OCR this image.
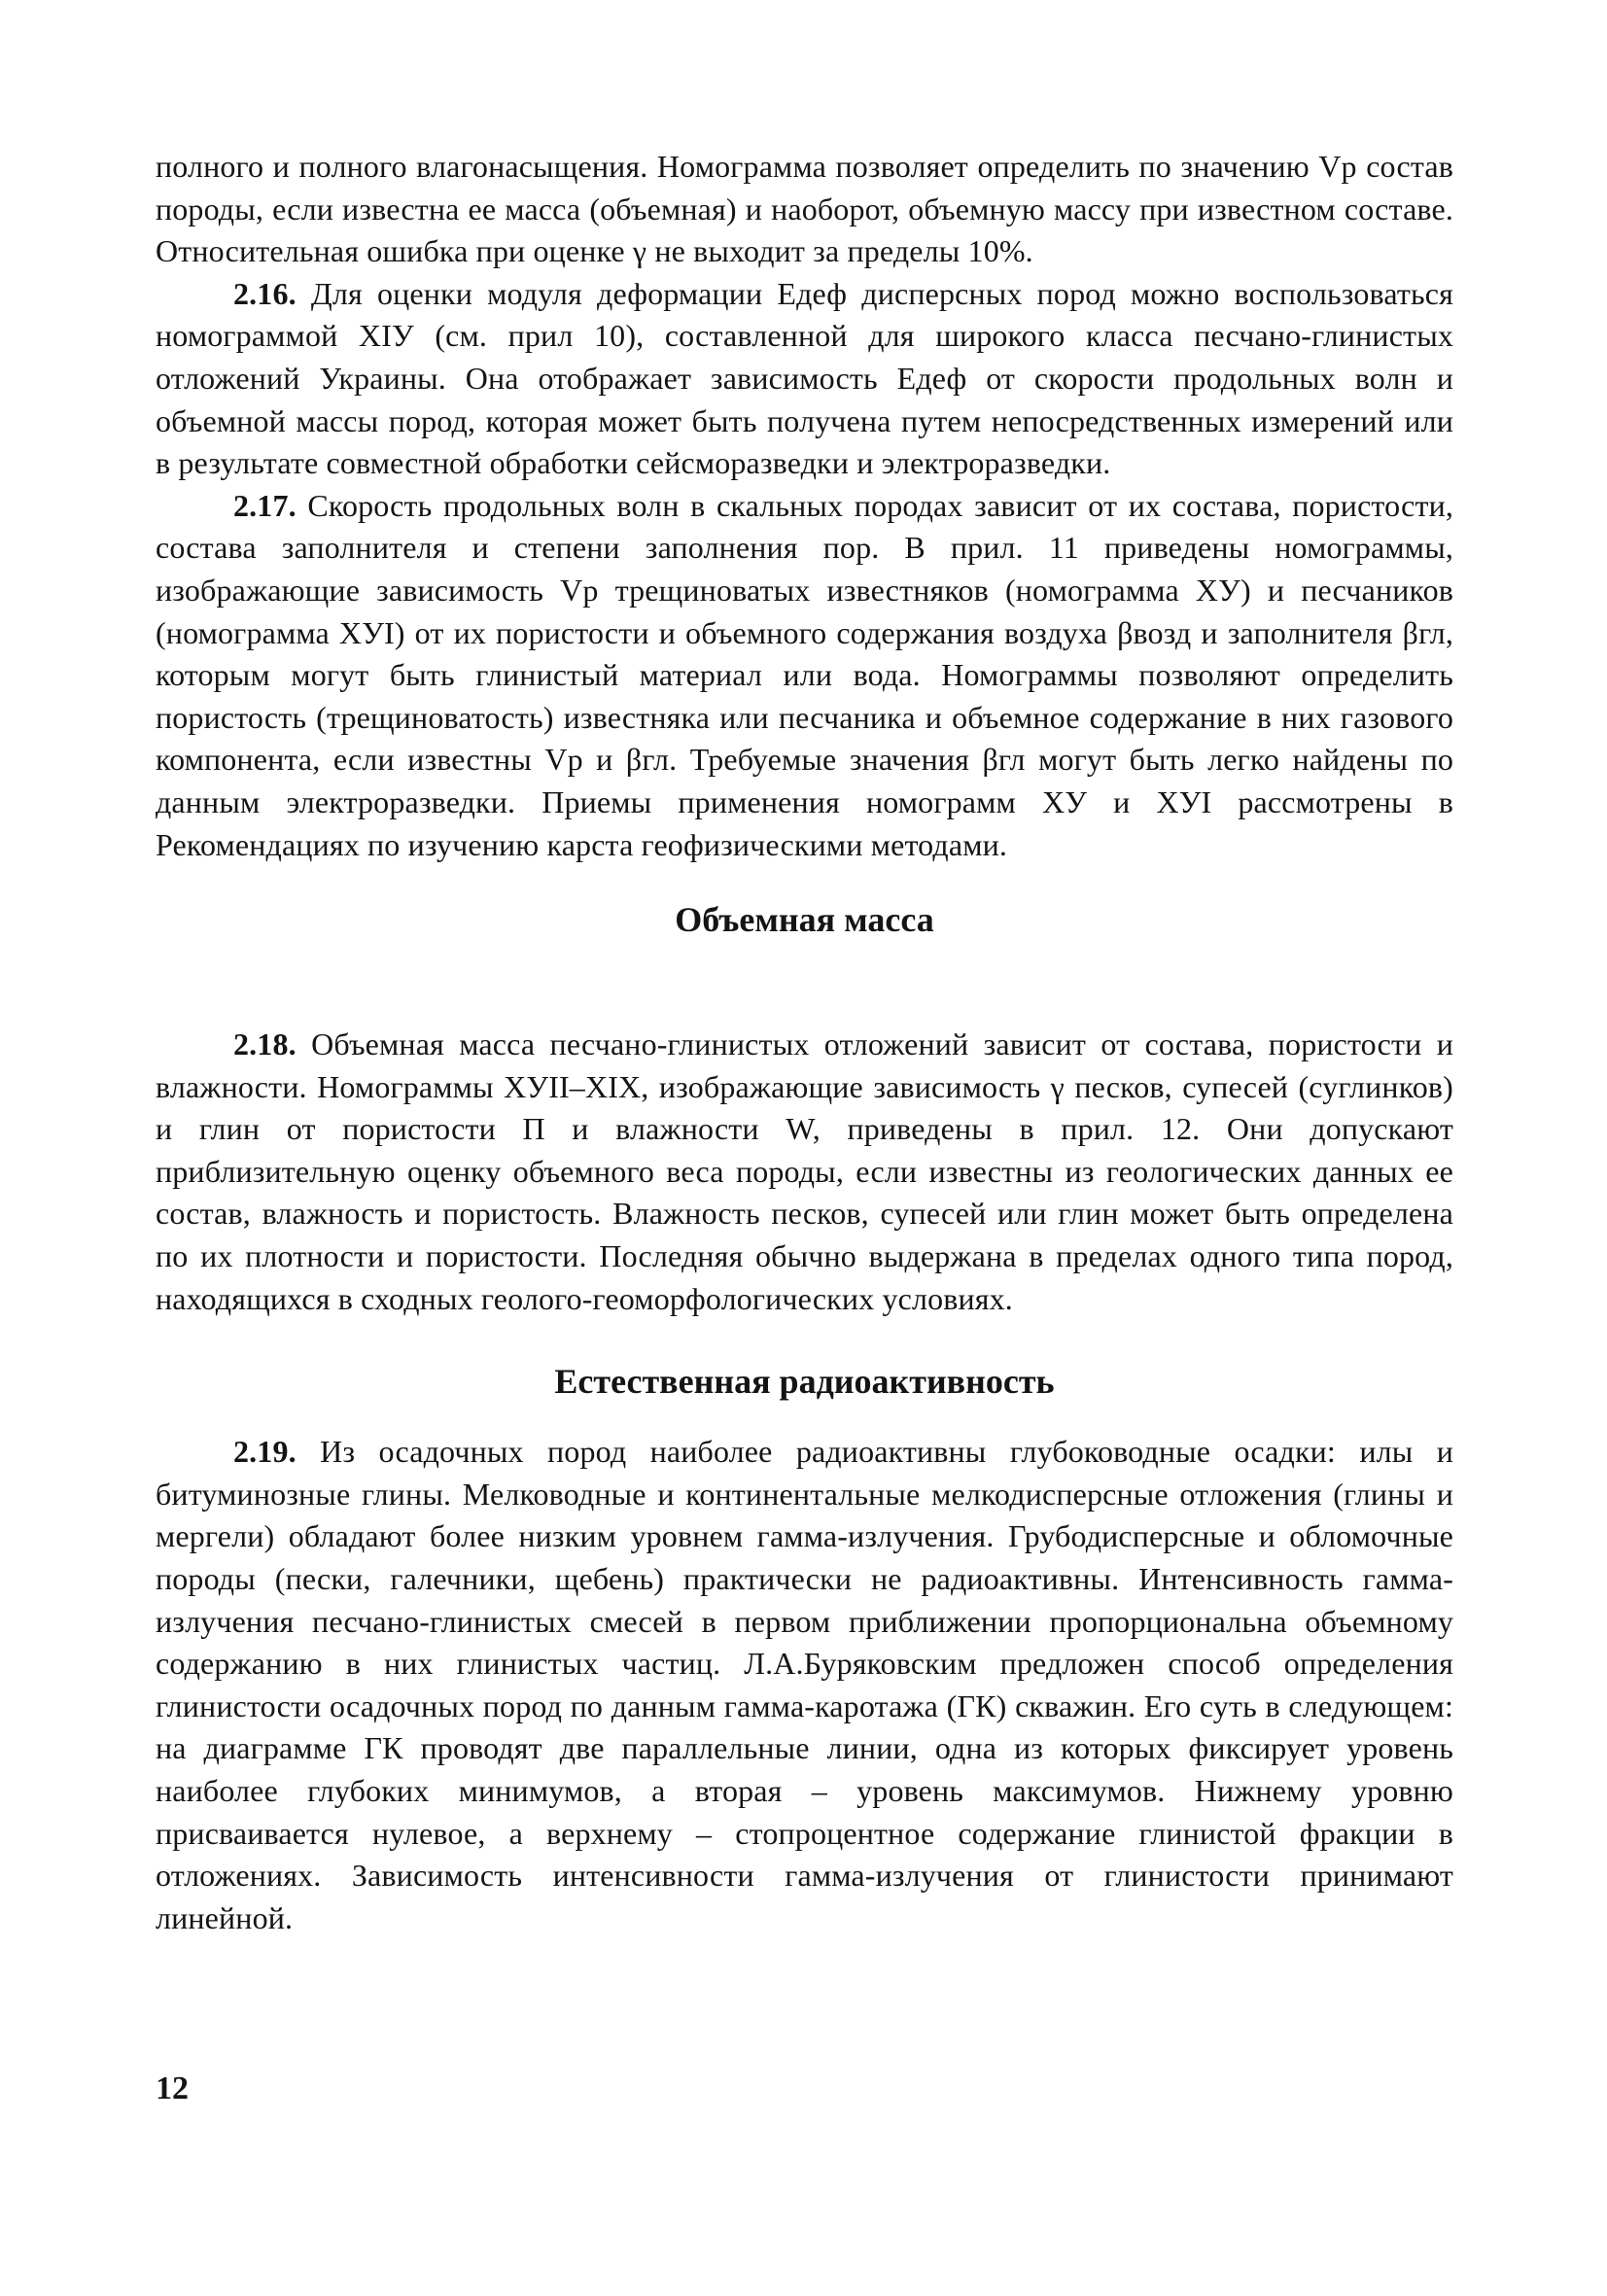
полного и полного влагонасыщения. Номограмма позволяет определить по значению Vр состав породы, если известна ее масса (объемная) и наоборот, объемную массу при известном составе. Относительная ошибка при оценке γ не выходит за пределы 10%.

2.16. Для оценки модуля деформации Eдеф дисперсных пород можно воспользоваться номограммой XIУ (см. прил 10), составленной для широкого класса песчано-глинистых отложений Украины. Она отображает зависимость Eдеф от скорости продольных волн и объемной массы пород, которая может быть получена путем непосредственных измерений или в результате совместной обработки сейсморазведки и электроразведки.

2.17. Скорость продольных волн в скальных породах зависит от их состава, пористости, состава заполнителя и степени заполнения пор. В прил. 11 приведены номограммы, изображающие зависимость Vр трещиноватых известняков (номограмма XУ) и песчаников (номограмма XУI) от их пористости и объемного содержания воздуха βвозд и заполнителя βгл, которым могут быть глинистый материал или вода. Номограммы позволяют определить пористость (трещиноватость) известняка или песчаника и объемное содержание в них газового компонента, если известны Vр и βгл. Требуемые значения βгл могут быть легко найдены по данным электроразведки. Приемы применения номограмм XУ и XУI рассмотрены в Рекомендациях по изучению карста геофизическими методами.

Объемная масса

2.18. Объемная масса песчано-глинистых отложений зависит от состава, пористости и влажности. Номограммы XУII–XIX, изображающие зависимость γ песков, супесей (суглинков) и глин от пористости П и влажности W, приведены в прил. 12. Они допускают приблизительную оценку объемного веса породы, если известны из геологических данных ее состав, влажность и пористость. Влажность песков, супесей или глин может быть определена по их плотности и пористости. Последняя обычно выдержана в пределах одного типа пород, находящихся в сходных геолого-геоморфологических условиях.

Естественная радиоактивность

2.19. Из осадочных пород наиболее радиоактивны глубоководные осадки: илы и битуминозные глины. Мелководные и континентальные мелкодисперсные отложения (глины и мергели) обладают более низким уровнем гамма-излучения. Грубодисперсные и обломочные породы (пески, галечники, щебень) практически не радиоактивны. Интенсивность гамма-излучения песчано-глинистых смесей в первом приближении пропорциональна объемному содержанию в них глинистых частиц. Л.А.Буряковским предложен способ определения глинистости осадочных пород по данным гамма-каротажа (ГК) скважин. Его суть в следующем: на диаграмме ГК проводят две параллельные линии, одна из которых фиксирует уровень наиболее глубоких минимумов, а вторая – уровень максимумов. Нижнему уровню присваивается нулевое, а верхнему – стопроцентное содержание глинистой фракции в отложениях. Зависимость интенсивности гамма-излучения от глинистости принимают линейной.

12
